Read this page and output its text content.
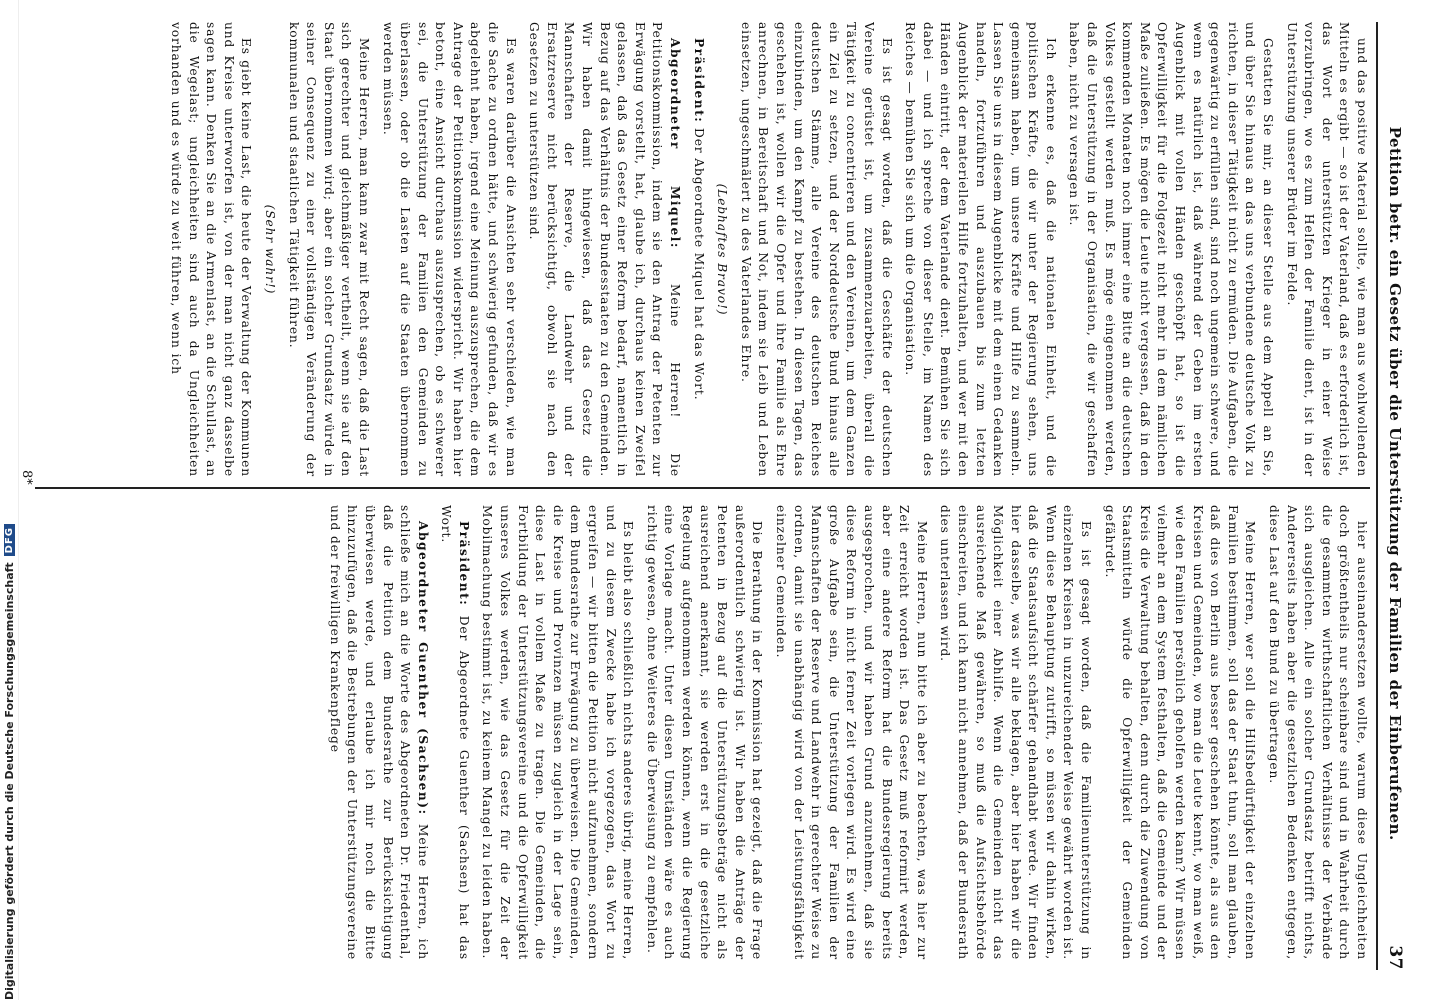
Petition betr. ein Gesetz über die Unterstützung der Familien der Einberufenen.
37

und das positive Material sollte, wie man aus wohlwollenden Mitteln es ergibt — so ist der Vaterland, daß es erforderlich ist, das Wort der unterstützten Krieger in einer Weise vorzubringen, wo es zum Helfen der Familie dient, ist in der Unterstützung unserer Brüder im Felde.

Gestatten Sie mir, an dieser Stelle aus dem Appell an Sie, und über Sie hinaus an das uns verbundene deutsche Volk zu richten, in dieser Tätigkeit nicht zu ermüden. Die Aufgaben, die gegenwärtig zu erfüllen sind, sind noch ungemein schwere, und wenn es natürlich ist, daß während der Geben im ersten Augenblick mit vollen Händen geschöpft hat, so ist die Opferwilligkeit für die Folgezeit nicht mehr in dem nämlichen Maße zuließen. Es mögen die Leute nicht vergessen, daß in den kommenden Monaten noch immer eine Bitte an die deutschen Volkes gestellt werden muß. Es möge eingenommen werden, daß die Unterstützung in der Organisation, die wir geschaffen haben, nicht zu versagen ist.

Ich erkenne es, daß die nationalen Einheit, und die politischen Kräfte, die wir unter der Regierung sehen, uns gemeinsam haben, um unsere Kräfte und Hilfe zu sammeln. Lassen Sie uns in diesem Augenblicke mit dem einen Gedanken handeln, fortzuführen und auszubauen bis zum letzten Augenblick der materiellen Hilfe fortzuhalten, und wer mit den Händen eintritt, der dem Vaterlande dient. Bemühen Sie sich dabei — und ich spreche von dieser Stelle, im Namen des Reiches — bemühen Sie sich um die Organisation.

Es ist gesagt worden, daß die Geschäfte der deutschen Vereine gerüstet ist, um zusammenzuarbeiten, überall die Tätigkeit zu concentrieren und den Vereinen, um dem Ganzen ein Ziel zu setzen, und der Norddeutsche Bund hinaus alle deutschen Stämme, alle Vereine des deutschen Reiches einzubinden, um den Kampf zu bestehen. In diesen Tagen, das geschehen ist, wollen wir die Opfer und ihre Familie als Ehre anrechnen, in Bereitschaft und Not, indem sie Leib und Leben einsetzen, ungeschmälert zu des Vaterlandes Ehre.

(Lebhaftes Bravo!)

Präsident: Der Abgeordnete Miquel hat das Wort.

Abgeordneter Miquel: Meine Herren! Die Petitionskommission, indem sie den Antrag der Petenten zur Erwägung vorstellt, hat, glaube ich, durchaus keinen Zweifel gelassen, daß das Gesetz einer Reform bedarf, namentlich in Bezug auf das Verhältnis der Bundesstaaten zu den Gemeinden. Wir haben damit hingewiesen, daß das Gesetz die Mannschaften der Reserve, die Landwehr und der Ersatzreserve nicht berücksichtigt, obwohl sie nach den Gesetzen zu unterstützen sind.

Es waren darüber die Ansichten sehr verschieden, wie man die Sache zu ordnen hätte, und schwierig gefunden, daß wir es abgelehnt haben, irgend eine Meinung auszusprechen, die dem Antrage der Petitionskommission widerspricht. Wir haben hier betont, eine Ansicht durchaus auszusprechen, ob es schwerer sei, die Unterstützung der Familien den Gemeinden zu überlassen, oder ob die Lasten auf die Staaten übernommen werden müssen.

Meine Herren, man kann zwar mit Recht sagen, daß die Last sich gerechter und gleichmäßiger vertheilt, wenn sie auf den Staat übernommen wird; aber ein solcher Grundsatz würde in seiner Consequenz zu einer vollständigen Veränderung der kommunalen und staatlichen Tätigkeit führen.

(Sehr wahr!)

Es giebt keine Last, die heute der Verwaltung der Kommunen und Kreise unterworfen ist, von der man nicht ganz dasselbe sagen kann. Denken Sie an die Armenlast, an die Schullast, an die Wegelast; ungleichheiten sind auch da Ungleichheiten vorhanden und es würde zu weit führen, wenn ich

hier auseinandersetzen wollte, warum diese Ungleichheiten doch größtentheils nur scheinbare sind und in Wahrheit durch die gesammten wirthschaftlichen Verhältnisse der Verbände sich ausgleichen. Alle ein solcher Grundsatz betrifft nichts, Andererseits haben aber die gesetzlichen Bedenken entgegen, diese Last auf den Bund zu übertragen.

Meine Herren, wer soll die Hilfsbedürftigkeit der einzelnen Familien bestimmen, soll das der Staat thun, soll man glauben, daß dies von Berlin aus besser geschehen könnte, als aus den Kreisen und Gemeinden, wo man die Leute kennt, wo man weiß, wie den Familien persönlich geholfen werden kann? Wir müssen vielmehr an dem System festhalten, daß die Gemeinde und der Kreis die Verwaltung behalten, denn durch die Zuwendung von Staatsmitteln würde die Opferwilligkeit der Gemeinden gefährdet.

Es ist gesagt worden, daß die Familienunterstützung in einzelnen Kreisen in unzureichender Weise gewährt worden ist. Wenn diese Behauptung zutrifft, so müssen wir dahin wirken, daß die Staatsaufsicht schärfer gehandhabt werde. Wir finden hier dasselbe, was wir alle beklagen, aber hier haben wir die Möglichkeit einer Abhilfe. Wenn die Gemeinden nicht das ausreichende Maß gewähren, so muß die Aufsichtsbehörde einschreiten, und ich kann nicht annehmen, daß der Bundesrath dies unterlassen wird.

Meine Herren, nun bitte ich aber zu beachten, was hier zur Zeit erreicht worden ist. Das Gesetz muß reformirt werden, aber eine andere Reform hat die Bundesregierung bereits ausgesprochen, und wir haben Grund anzunehmen, daß sie diese Reform in nicht ferner Zeit vorlegen wird. Es wird eine große Aufgabe sein, die Unterstützung der Familien der Mannschaften der Reserve und Landwehr in gerechter Weise zu ordnen, damit sie unabhängig wird von der Leistungsfähigkeit einzelner Gemeinden.

Die Berathung in der Kommission hat gezeigt, daß die Frage außerordentlich schwierig ist. Wir haben die Anträge der Petenten in Bezug auf die Unterstützungsbeträge nicht als ausreichend anerkannt, sie werden erst in die gesetzliche Regelung aufgenommen werden können, wenn die Regierung eine Vorlage macht. Unter diesen Umständen wäre es auch richtig gewesen, ohne Weiteres die Überweisung zu empfehlen.

Es bleibt also schließlich nichts anderes übrig, meine Herren, und zu diesem Zwecke habe ich vorgezogen, das Wort zu ergreifen — wir bitten die Petition nicht aufzunehmen, sondern dem Bundesrathe zur Erwägung zu überweisen. Die Gemeinden, die Kreise und Provinzen müssen zugleich in der Lage sein, diese Last in vollem Maße zu tragen. Die Gemeinden, die Fortbildung der Unterstützungsvereine und die Opferwilligkeit unseres Volkes werden, wie das Gesetz für die Zeit der Mobilmachung bestimmt ist, zu keinem Mangel zu leiden haben.

Präsident: Der Abgeordnete Guenther (Sachsen) hat das Wort.

Abgeordneter Guenther (Sachsen): Meine Herren, ich schließe mich an die Worte des Abgeordneten Dr. Friedenthal, daß die Petition dem Bundesrathe zur Berücksichtigung überwiesen werde, und erlaube ich mir noch die Bitte hinzuzufügen, daß die Bestrebungen der Unterstützungsvereine und der freiwilligen Krankenpflege

8*
Digitalisierung gefördert durch die Deutsche Forschungsgemeinschaft
DFG
